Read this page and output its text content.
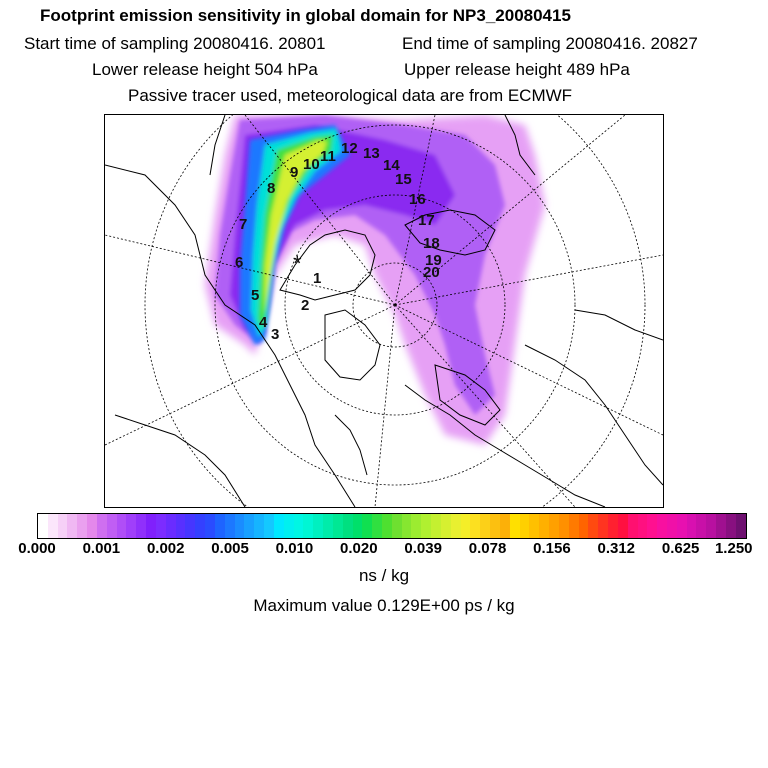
Footprint emission sensitivity in global domain for NP3_20080415
Start time of sampling 20080416. 20801	End time of sampling 20080416. 20827
Lower release height 504 hPa	Upper release height 489 hPa
Passive tracer used, meteorological data are from ECMWF
*
1
2
3
4
5
6
7
8
9 10 11 12 13
14
15
16
17
18
19
20
0.000 0.001 0.002 0.005 0.010 0.020 0.039 0.078 0.156 0.312 0.625 1.250
ns / kg
Maximum value 0.129E+00 ps / kg
